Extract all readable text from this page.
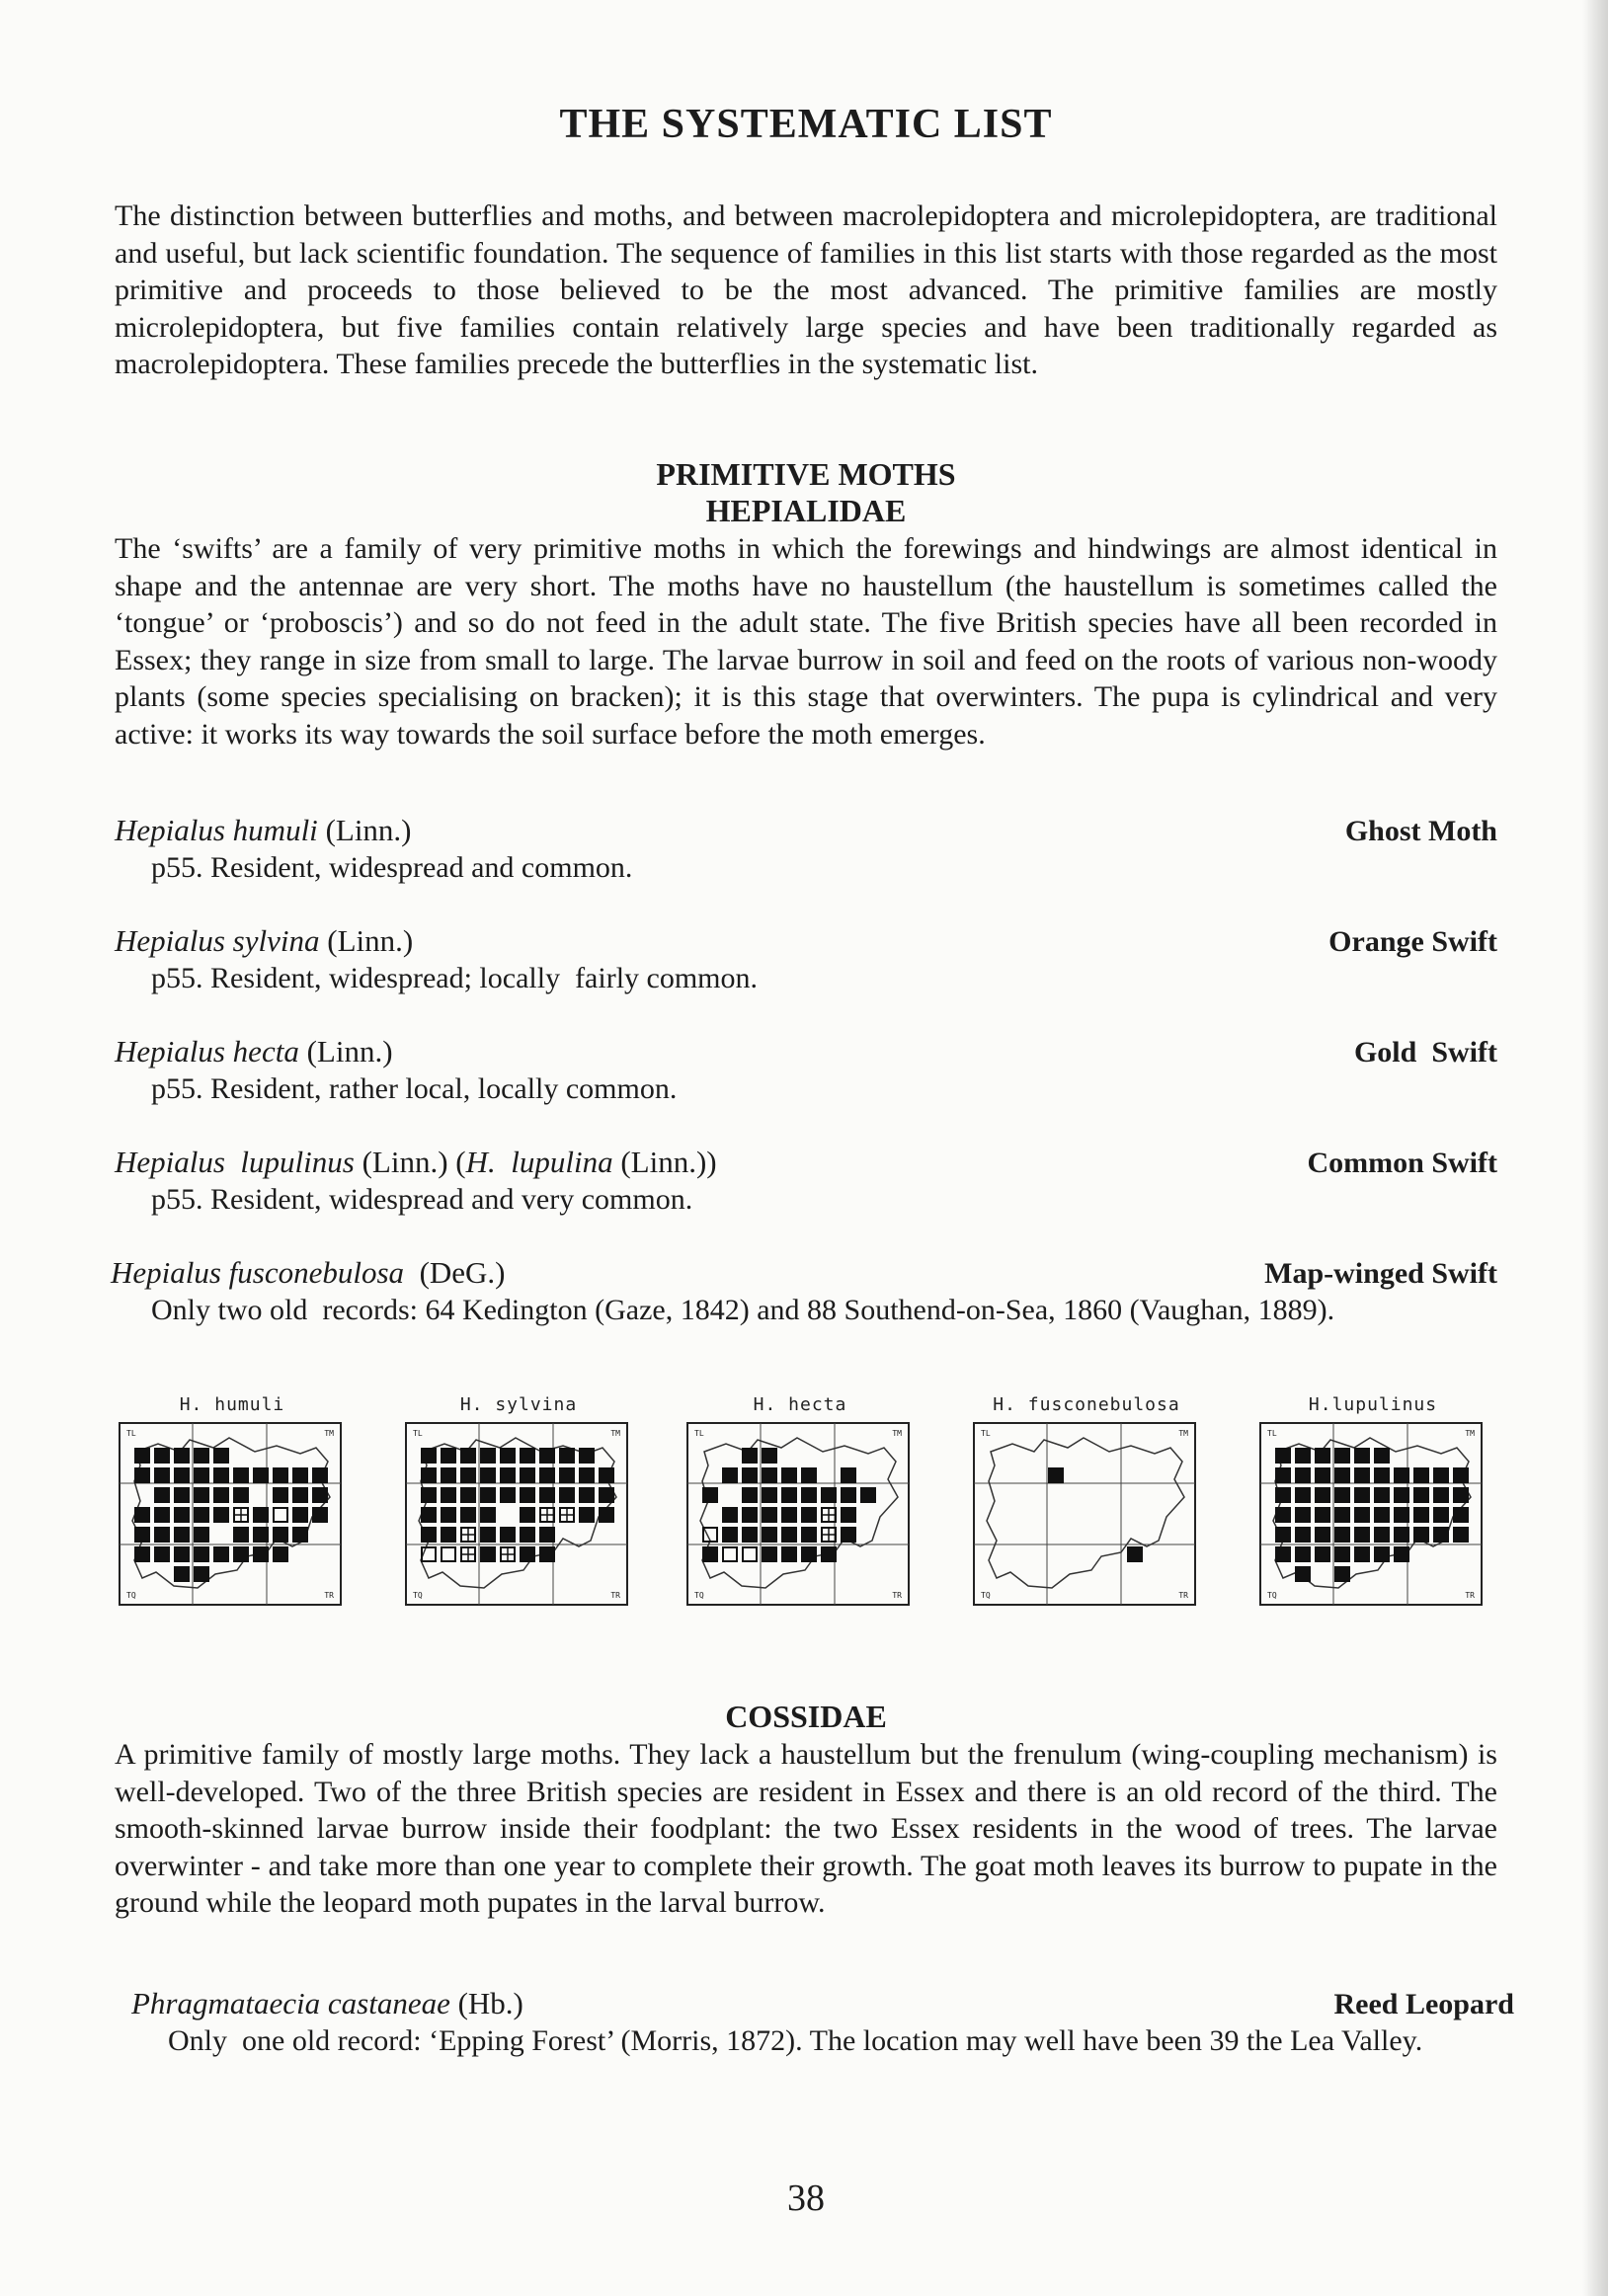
THE SYSTEMATIC LIST

The distinction between butterflies and moths, and between macrolepidoptera and microlepidoptera, are traditional and useful, but lack scientific foundation. The sequence of families in this list starts with those regarded as the most primitive and proceeds to those believed to be the most advanced. The primitive families are mostly microlepidoptera, but five families contain relatively large species and have been traditionally regarded as macrolepidoptera. These families precede the butterflies in the systematic list.

PRIMITIVE MOTHS
HEPIALIDAE

The ‘swifts’ are a family of very primitive moths in which the forewings and hindwings are almost identical in shape and the antennae are very short. The moths have no haustellum (the haustellum is sometimes called the ‘tongue’ or ‘proboscis’) and so do not feed in the adult state. The five British species have all been recorded in Essex; they range in size from small to large. The larvae burrow in soil and feed on the roots of various non-woody plants (some species specialising on bracken); it is this stage that overwinters. The pupa is cylindrical and very active: it works its way towards the soil surface before the moth emerges.

Hepialus humuli (Linn.)	Ghost Moth
p55. Resident, widespread and common.
Hepialus sylvina (Linn.)	Orange Swift
p55. Resident, widespread; locally  fairly common.
Hepialus hecta (Linn.)	Gold  Swift
p55. Resident, rather local, locally common.
Hepialus  lupulinus (Linn.) (H.  lupulina (Linn.))	Common Swift
p55. Resident, widespread and very common.
Hepialus fusconebulosa  (DeG.)	Map-winged Swift
Only two old  records: 64 Kedington (Gaze, 1842) and 88 Southend-on-Sea, 1860 (Vaughan, 1889).
H. humuli
TL	TM
TQ	TR
H. sylvina
TL	TM
TQ	TR
H. hecta
TL	TM
TQ	TR
H. fusconebulosa
TL	TM
TQ	TR
H.lupulinus
TL	TM
TQ	TR
COSSIDAE

A primitive family of mostly large moths. They lack a haustellum but the frenulum (wing-coupling mechanism) is well-developed. Two of the three British species are resident in Essex and there is an old record of the third. The smooth-skinned larvae burrow inside their foodplant: the two Essex residents in the wood of trees. The larvae overwinter - and take more than one year to complete their growth. The goat moth leaves its burrow to pupate in the ground while the leopard moth pupates in the larval burrow.

Phragmataecia castaneae (Hb.)	Reed Leopard
Only  one old record: ‘Epping Forest’ (Morris, 1872). The location may well have been 39 the Lea Valley.

38
